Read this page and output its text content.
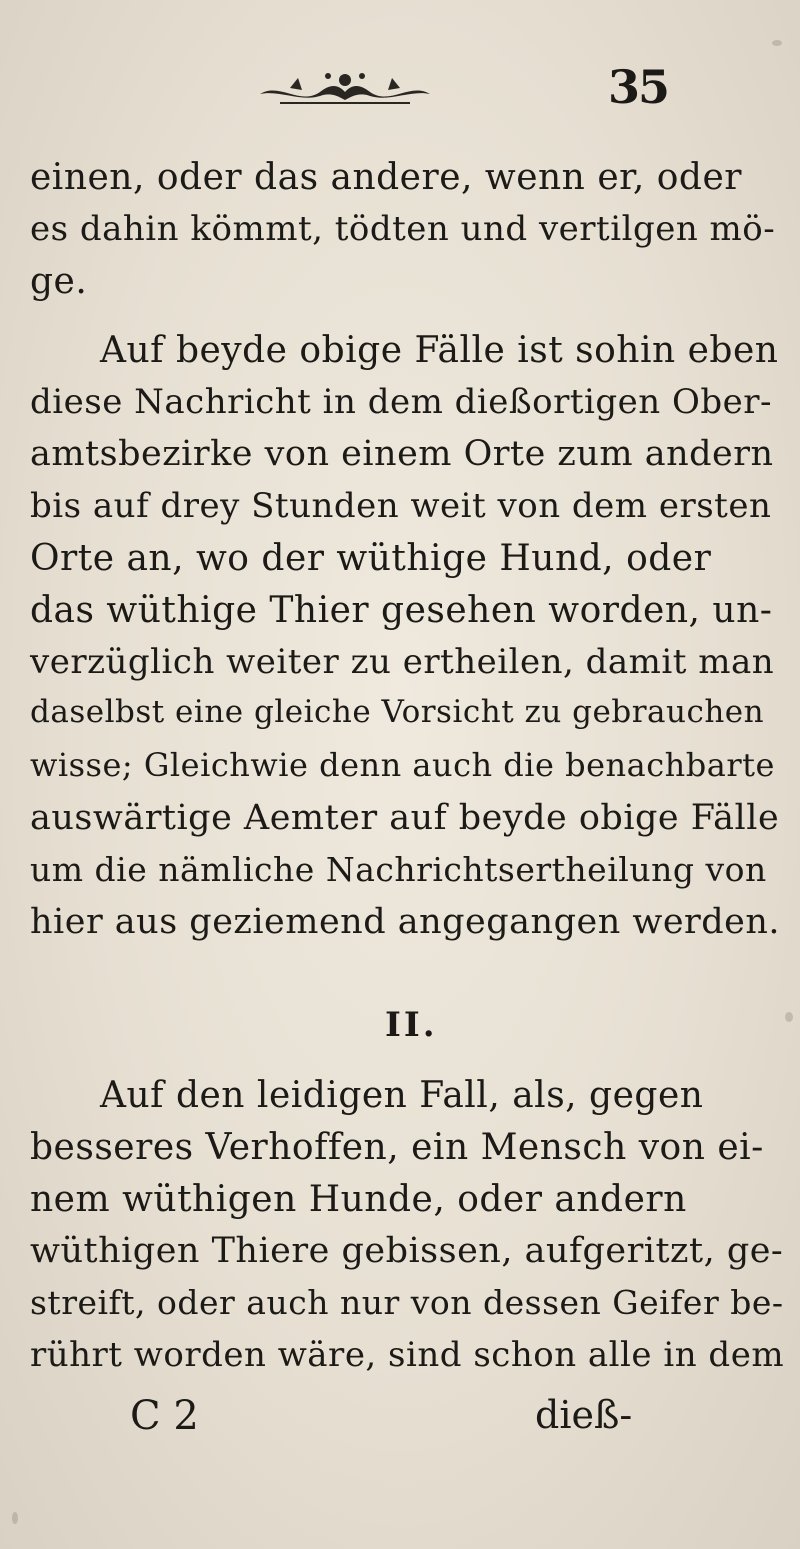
35
einen, oder das andere, wenn er, oder
es dahin kömmt, tödten und vertilgen mö-
ge.
Auf beyde obige Fälle ist sohin eben
diese Nachricht in dem dießortigen Ober-
amtsbezirke von einem Orte zum andern
bis auf drey Stunden weit von dem ersten
Orte an, wo der wüthige Hund, oder
das wüthige Thier gesehen worden, un-
verzüglich weiter zu ertheilen, damit man
daselbst eine gleiche Vorsicht zu gebrauchen
wisse; Gleichwie denn auch die benachbarte
auswärtige Aemter auf beyde obige Fälle
um die nämliche Nachrichtsertheilung von
hier aus geziemend angegangen werden.
II.
Auf den leidigen Fall, als, gegen
besseres Verhoffen, ein Mensch von ei-
nem wüthigen Hunde, oder andern
wüthigen Thiere gebissen, aufgeritzt, ge-
streift, oder auch nur von dessen Geifer be-
rührt worden wäre, sind schon alle in dem
C 2	dieß-
